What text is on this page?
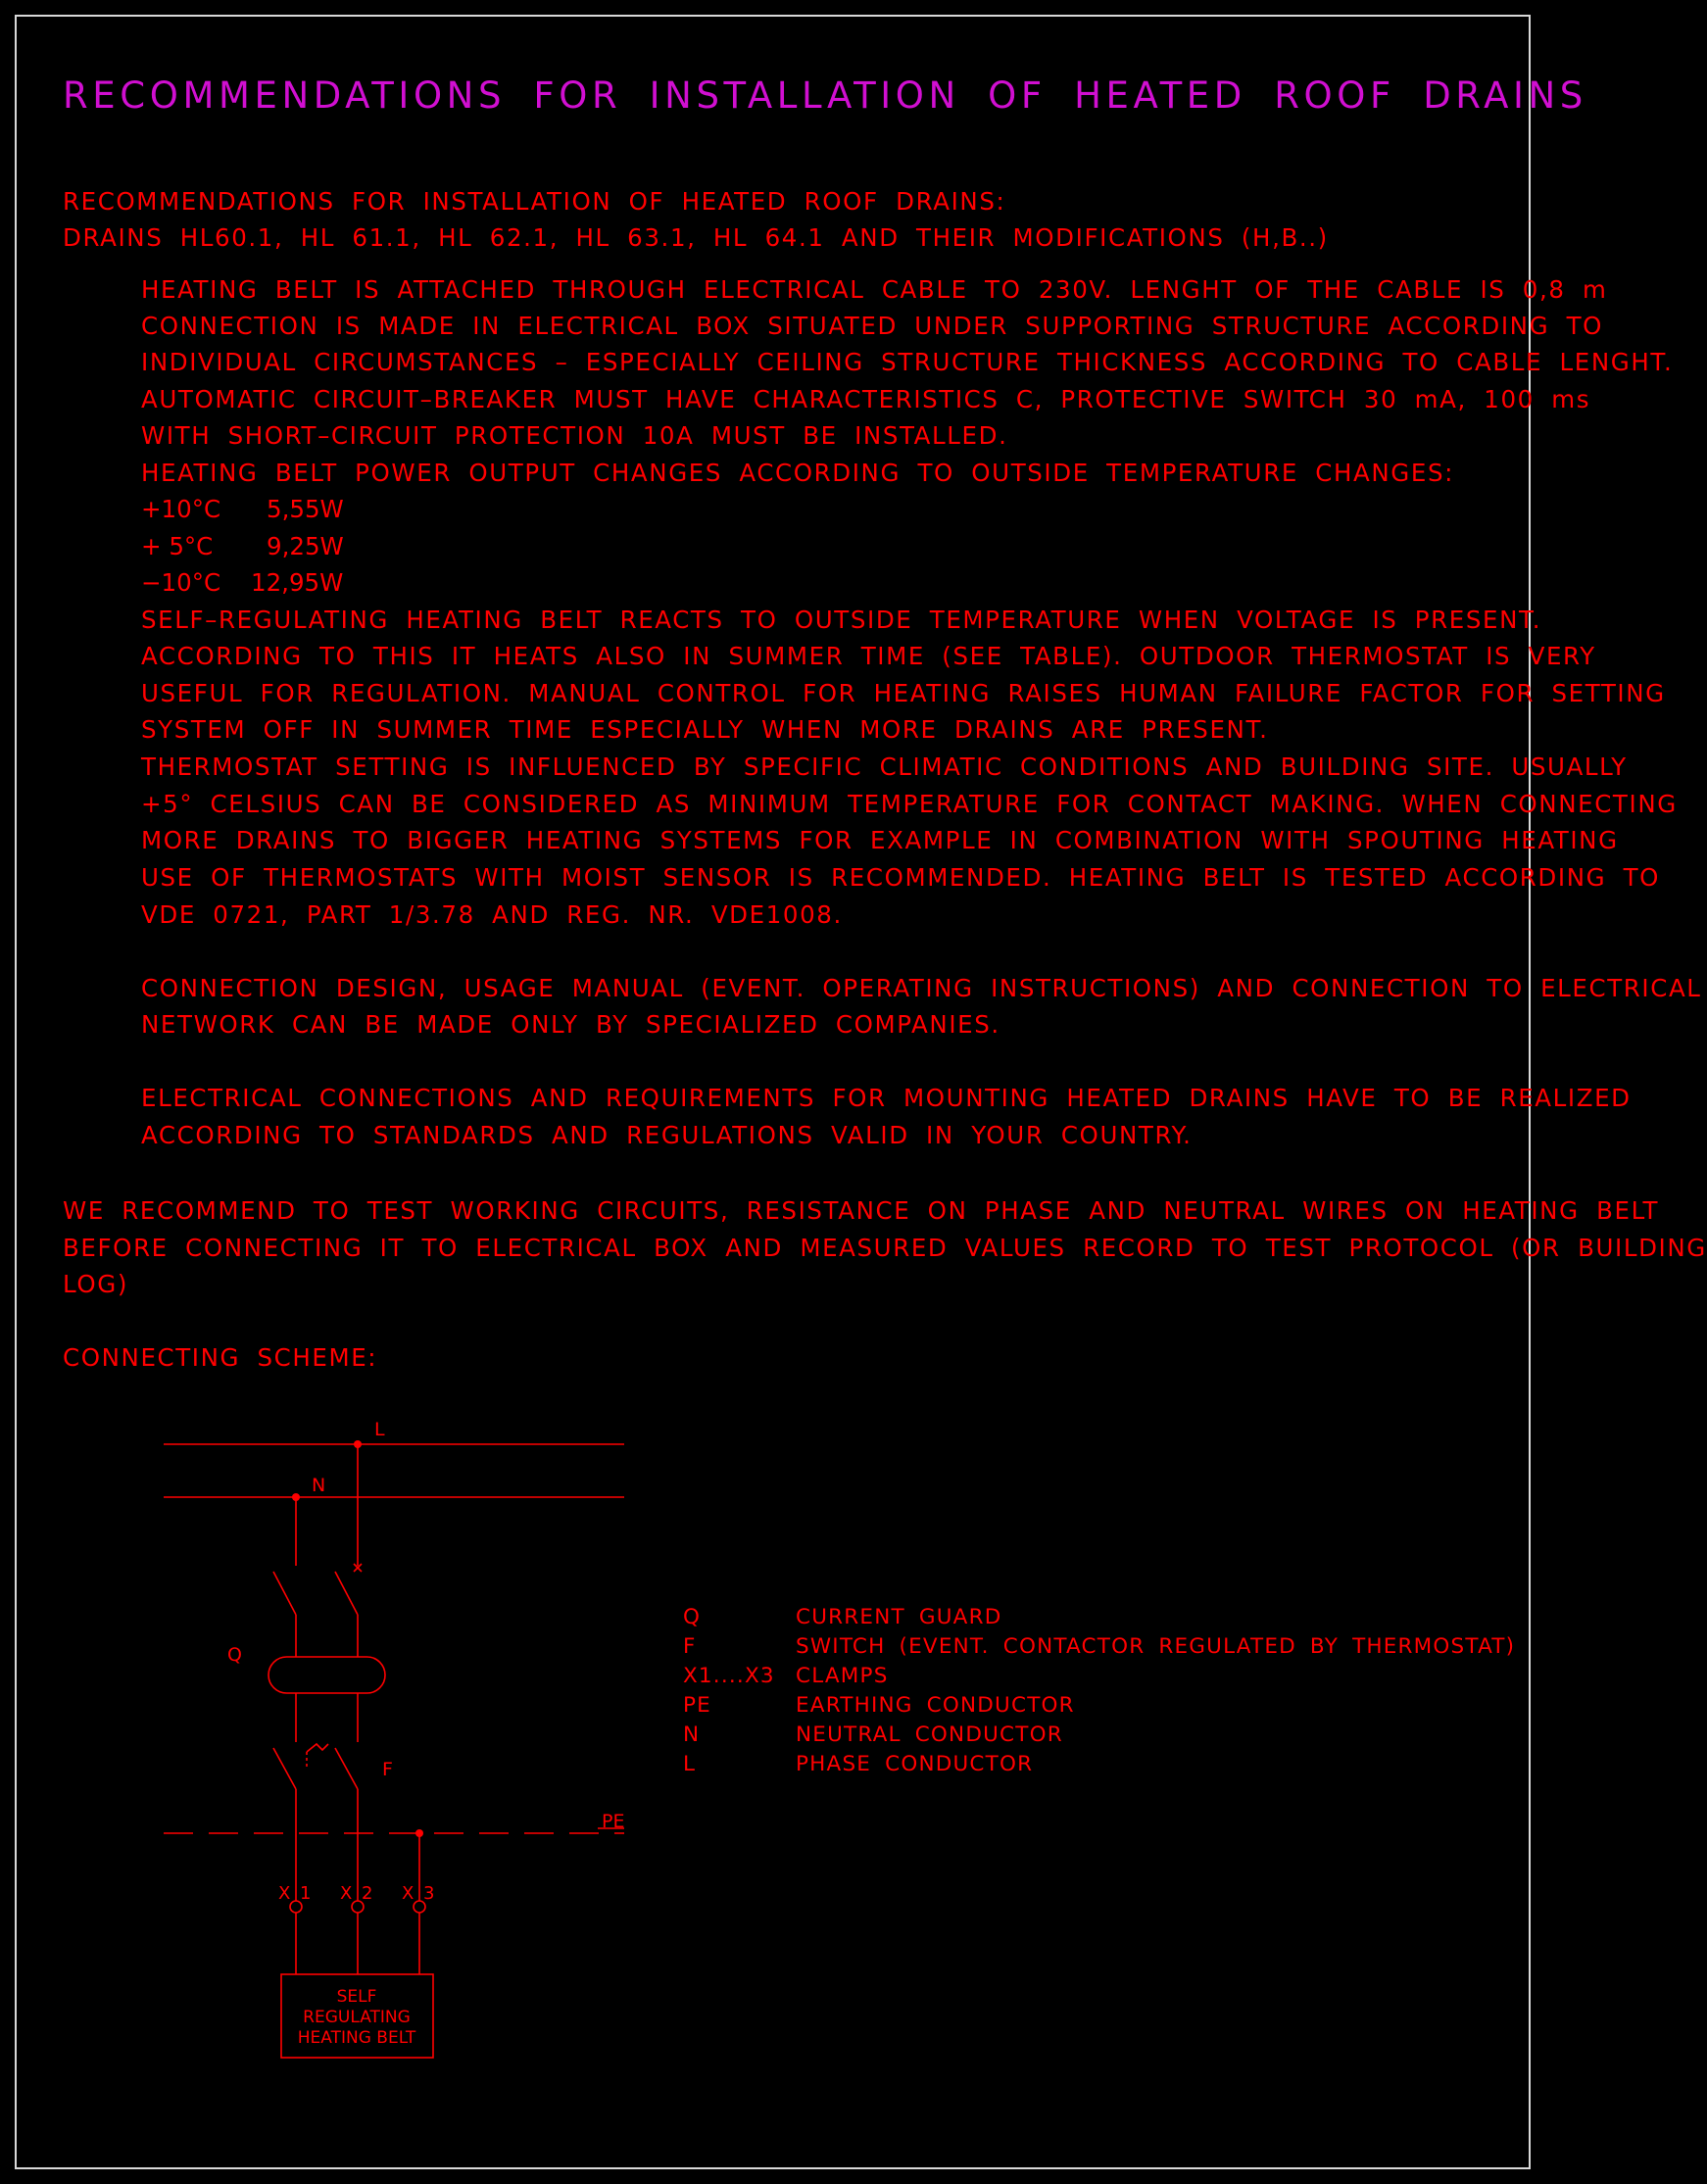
RECOMMENDATIONS FOR INSTALLATION OF HEATED ROOF DRAINS
RECOMMENDATIONS FOR INSTALLATION OF HEATED ROOF DRAINS:
DRAINS HL60.1, HL 61.1, HL 62.1, HL 63.1, HL 64.1 AND THEIR MODIFICATIONS (H,B..)
HEATING BELT IS ATTACHED THROUGH ELECTRICAL CABLE TO 230V. LENGHT OF THE CABLE IS 0,8 m
CONNECTION IS MADE IN ELECTRICAL BOX SITUATED UNDER SUPPORTING STRUCTURE ACCORDING TO
INDIVIDUAL CIRCUMSTANCES – ESPECIALLY CEILING STRUCTURE THICKNESS ACCORDING TO CABLE LENGHT.
AUTOMATIC CIRCUIT–BREAKER MUST HAVE CHARACTERISTICS C, PROTECTIVE SWITCH 30 mA, 100 ms
WITH SHORT–CIRCUIT PROTECTION 10A MUST BE INSTALLED.
HEATING BELT POWER OUTPUT CHANGES ACCORDING TO OUTSIDE TEMPERATURE CHANGES:
+10°C 5,55W
+ 5°C 9,25W
−10°C 12,95W
SELF–REGULATING HEATING BELT REACTS TO OUTSIDE TEMPERATURE WHEN VOLTAGE IS PRESENT.
ACCORDING TO THIS IT HEATS ALSO IN SUMMER TIME (SEE TABLE). OUTDOOR THERMOSTAT IS VERY
USEFUL FOR REGULATION. MANUAL CONTROL FOR HEATING RAISES HUMAN FAILURE FACTOR FOR SETTING
SYSTEM OFF IN SUMMER TIME ESPECIALLY WHEN MORE DRAINS ARE PRESENT.
THERMOSTAT SETTING IS INFLUENCED BY SPECIFIC CLIMATIC CONDITIONS AND BUILDING SITE. USUALLY
+5° CELSIUS CAN BE CONSIDERED AS MINIMUM TEMPERATURE FOR CONTACT MAKING. WHEN CONNECTING
MORE DRAINS TO BIGGER HEATING SYSTEMS FOR EXAMPLE IN COMBINATION WITH SPOUTING HEATING
USE OF THERMOSTATS WITH MOIST SENSOR IS RECOMMENDED. HEATING BELT IS TESTED ACCORDING TO
VDE 0721, PART 1/3.78 AND REG. NR. VDE1008.
CONNECTION DESIGN, USAGE MANUAL (EVENT. OPERATING INSTRUCTIONS) AND CONNECTION TO ELECTRICAL
NETWORK CAN BE MADE ONLY BY SPECIALIZED COMPANIES.
ELECTRICAL CONNECTIONS AND REQUIREMENTS FOR MOUNTING HEATED DRAINS HAVE TO BE REALIZED
ACCORDING TO STANDARDS AND REGULATIONS VALID IN YOUR COUNTRY.
WE RECOMMEND TO TEST WORKING CIRCUITS, RESISTANCE ON PHASE AND NEUTRAL WIRES ON HEATING BELT
BEFORE CONNECTING IT TO ELECTRICAL BOX AND MEASURED VALUES RECORD TO TEST PROTOCOL (OR BUILDING
LOG)
CONNECTING SCHEME:
Q	CURRENT GUARD
F	SWITCH (EVENT. CONTACTOR REGULATED BY THERMOSTAT)
X1....X3 CLAMPS
PE	EARTHING CONDUCTOR
N	NEUTRAL CONDUCTOR
L	PHASE CONDUCTOR
L
N
Q
F
PE
X 1 X 2 X 3
SELF
REGULATING
HEATING BELT
